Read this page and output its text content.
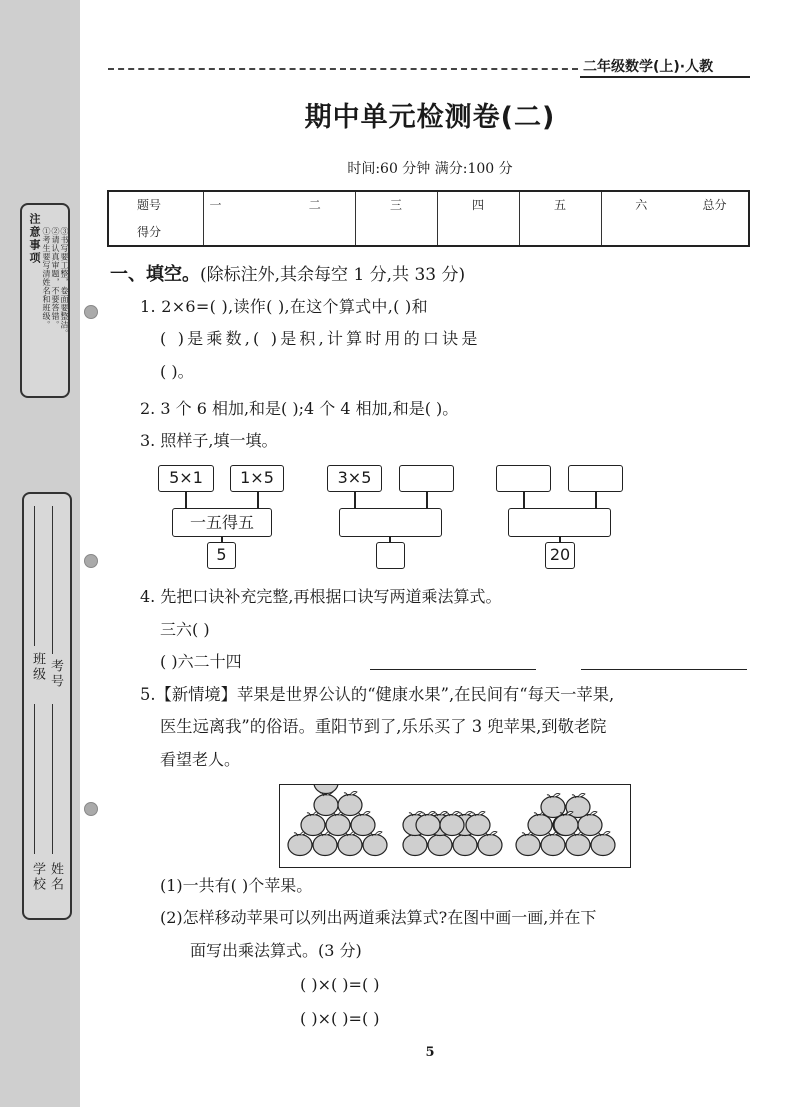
注意事项 ①考生要写清姓名和班级。 ②请认真审题，不要答错。 ③书写要工整，卷面要整洁。
学校 姓名
班级 考号
二年级数学(上)·人教
期中单元检测卷(二)
时间:60 分钟 满分:100 分
题号	一	二	三	四	五	六	总分
得分							
一、填空。(除标注外,其余每空 1 分,共 33 分)
1. 2×6=( ),读作( ),在这个算式中,( )和
( )是乘数,( )是积,计算时用的口诀是
( )。
2. 3 个 6 相加,和是( );4 个 4 相加,和是( )。
3. 照样子,填一填。
5×1	1×5
一五得五
5
3×5
20
4. 先把口诀补充完整,再根据口诀写两道乘法算式。
三六( )
( )六二十四
5.【新情境】苹果是世界公认的“健康水果”,在民间有“每天一苹果,
医生远离我”的俗语。重阳节到了,乐乐买了 3 兜苹果,到敬老院
看望老人。
(1)一共有( )个苹果。
(2)怎样移动苹果可以列出两道乘法算式?在图中画一画,并在下
面写出乘法算式。(3 分)
( )×( )=( )
( )×( )=( )
5
